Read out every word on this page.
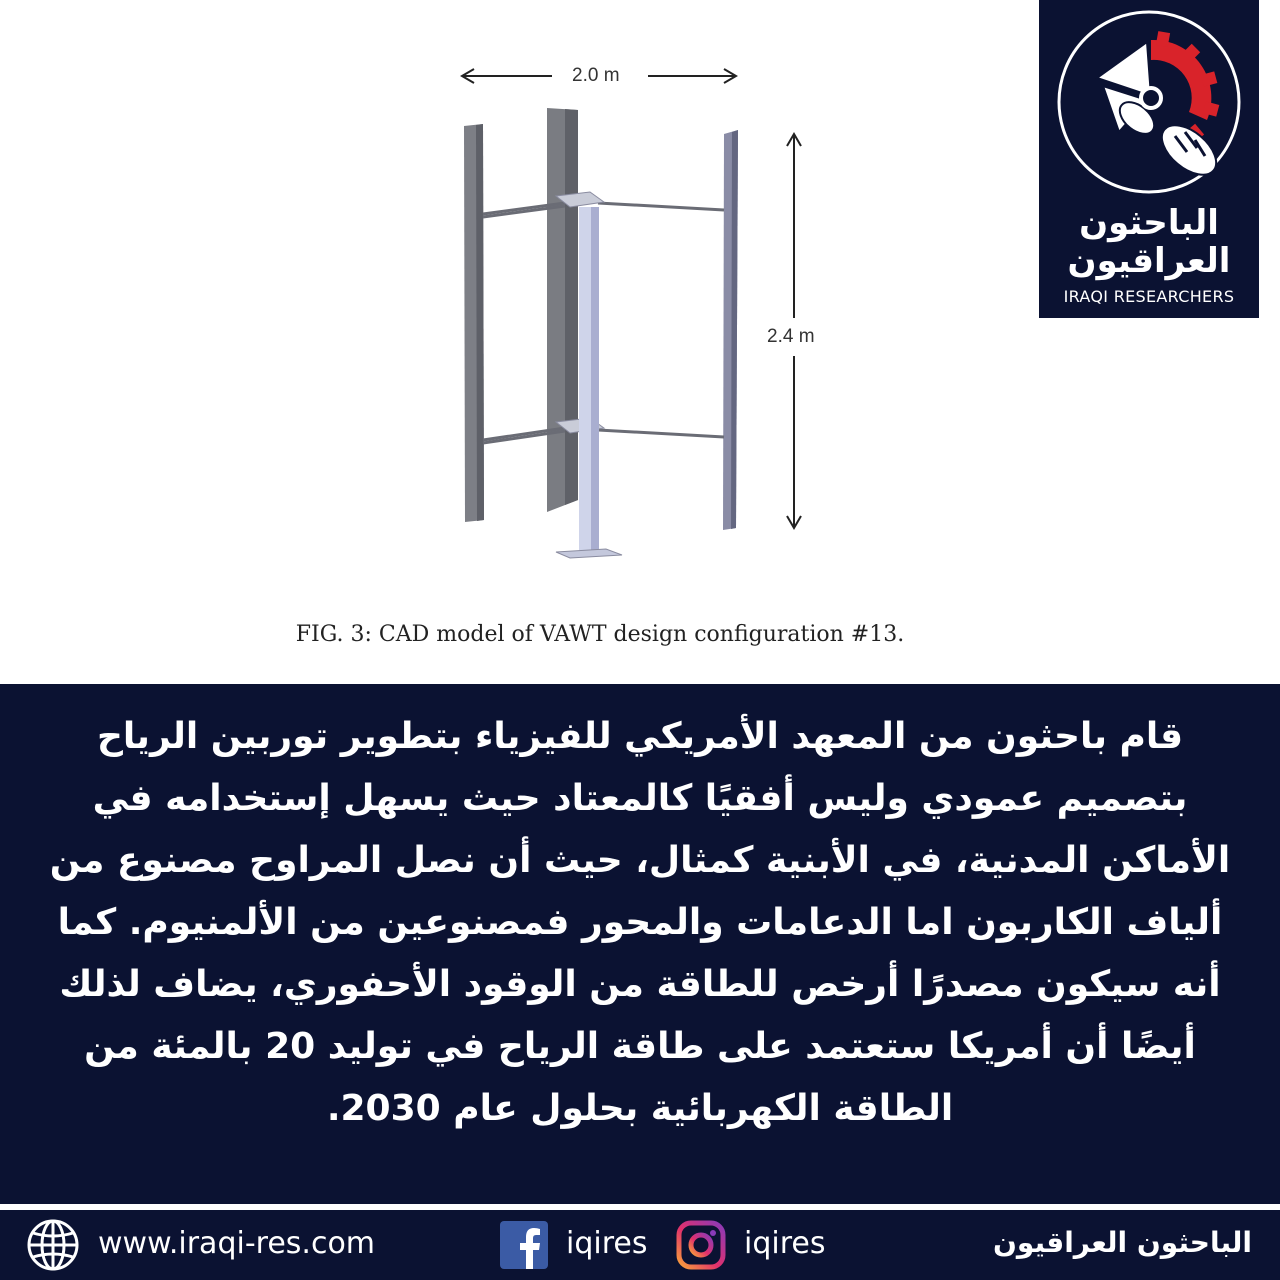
2.0 m
2.4 m
FIG. 3: CAD model of VAWT design configuration #13.
الباحثون
العراقيون
IRAQI RESEARCHERS

قام باحثون من المعهد الأمريكي للفيزياء بتطوير توربين الرياح بتصميم عمودي وليس أفقيًا كالمعتاد حيث يسهل إستخدامه في الأماكن المدنية، في الأبنية كمثال، حيث أن نصل المراوح مصنوع من ألياف الكاربون اما الدعامات والمحور فمصنوعين من الألمنيوم. كما أنه سيكون مصدرًا أرخص للطاقة من الوقود الأحفوري، يضاف لذلك أيضًا أن أمريكا ستعتمد على طاقة الرياح في توليد 20 بالمئة من الطاقة الكهربائية بحلول عام 2030.

www.iraqi-res.com	iqires	iqires	الباحثون العراقيون
